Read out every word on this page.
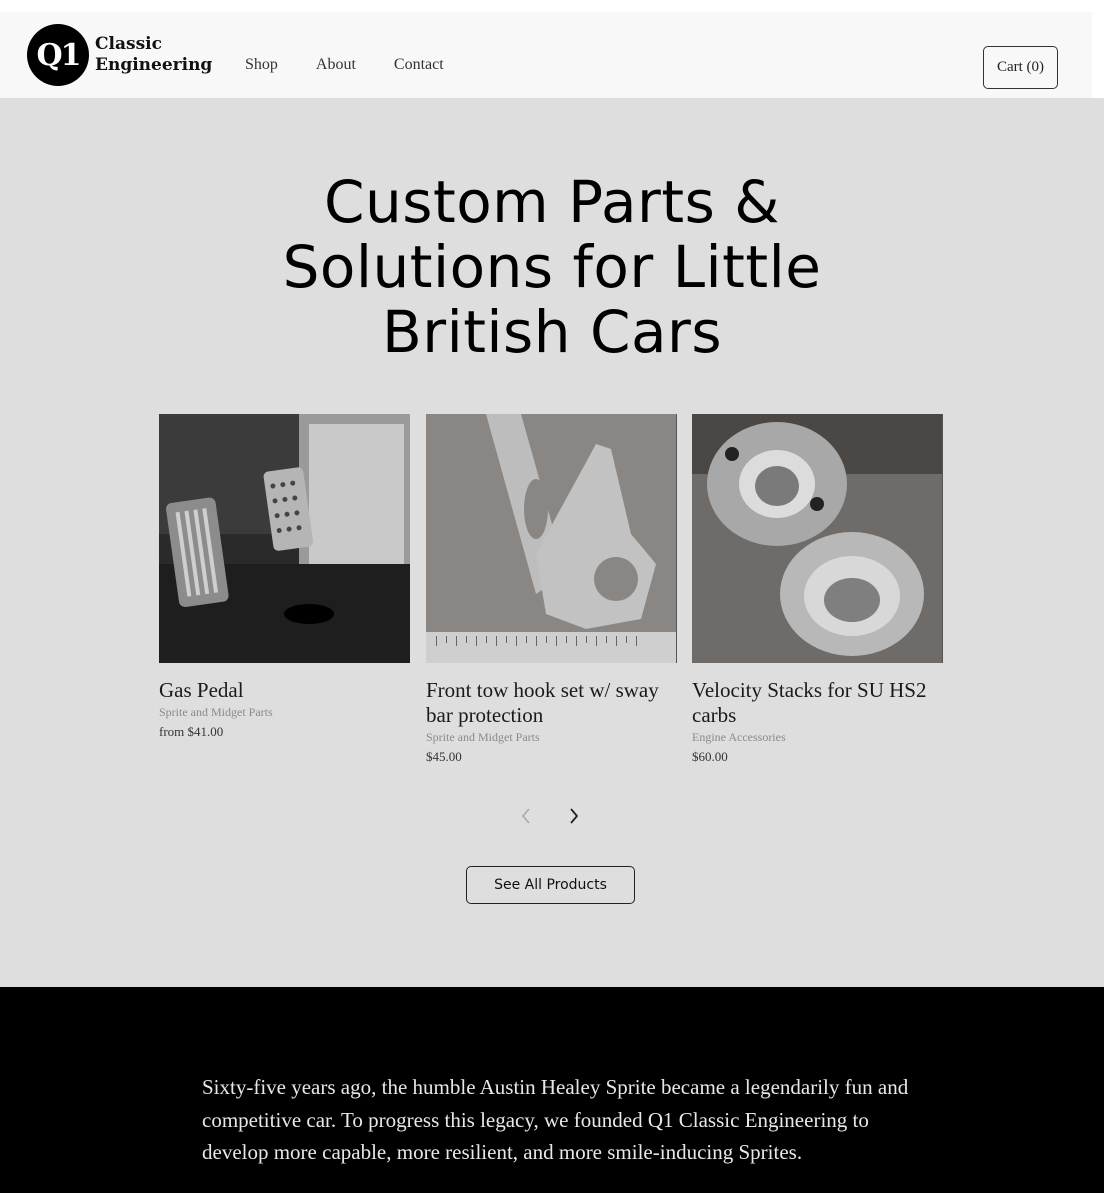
Q1 Classic
Engineering Shop About Contact	Cart (0)
Custom Parts &
Solutions for Little
British Cars
Gas Pedal
Sprite and Midget Parts
from $41.00
Front tow hook set w/ sway bar protection
Sprite and Midget Parts
$45.00
Velocity Stacks for SU HS2 carbs
Engine Accessories
$60.00
See All Products

Sixty-five years ago, the humble Austin Healey Sprite became a legendarily fun and competitive car. To progress this legacy, we founded Q1 Classic Engineering to develop more capable, more resilient, and more smile-inducing Sprites.
